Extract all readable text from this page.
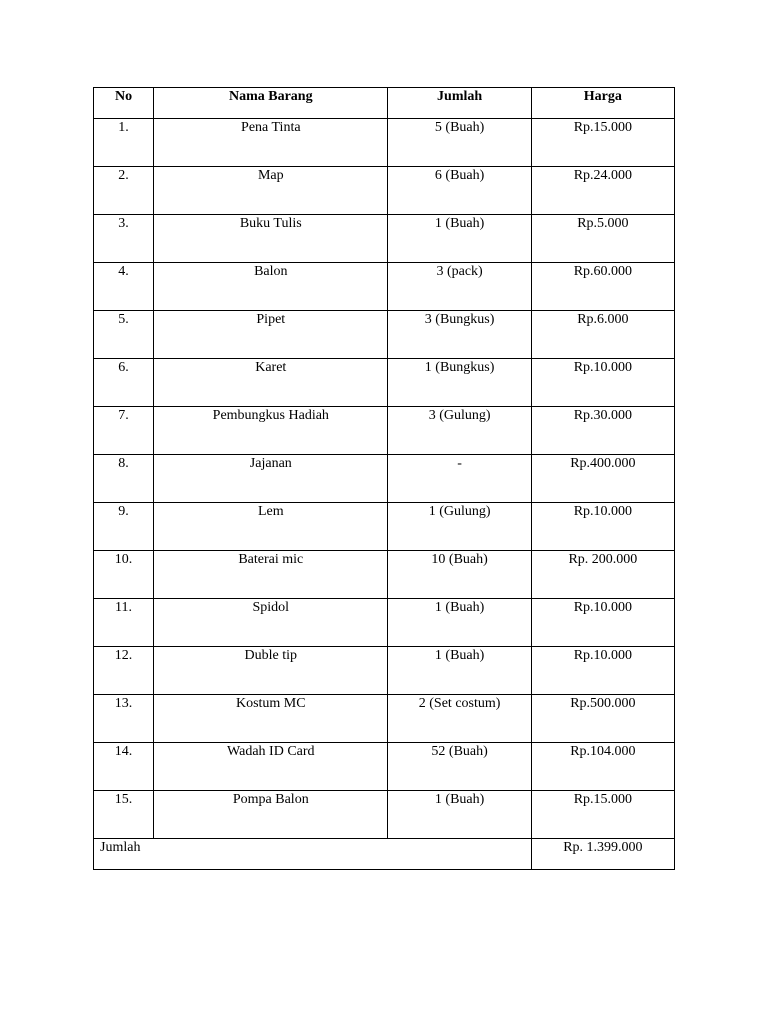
No	Nama Barang	Jumlah	Harga
1.	Pena Tinta	5 (Buah)	Rp.15.000
2.	Map	6 (Buah)	Rp.24.000
3.	Buku Tulis	1 (Buah)	Rp.5.000
4.	Balon	3 (pack)	Rp.60.000
5.	Pipet	3 (Bungkus)	Rp.6.000
6.	Karet	1 (Bungkus)	Rp.10.000
7.	Pembungkus Hadiah	3 (Gulung)	Rp.30.000
8.	Jajanan	-	Rp.400.000
9.	Lem	1 (Gulung)	Rp.10.000
10.	Baterai mic	10 (Buah)	Rp. 200.000
11.	Spidol	1 (Buah)	Rp.10.000
12.	Duble tip	1 (Buah)	Rp.10.000
13.	Kostum MC	2 (Set costum)	Rp.500.000
14.	Wadah ID Card	52 (Buah)	Rp.104.000
15.	Pompa Balon	1 (Buah)	Rp.15.000
Jumlah			Rp. 1.399.000
